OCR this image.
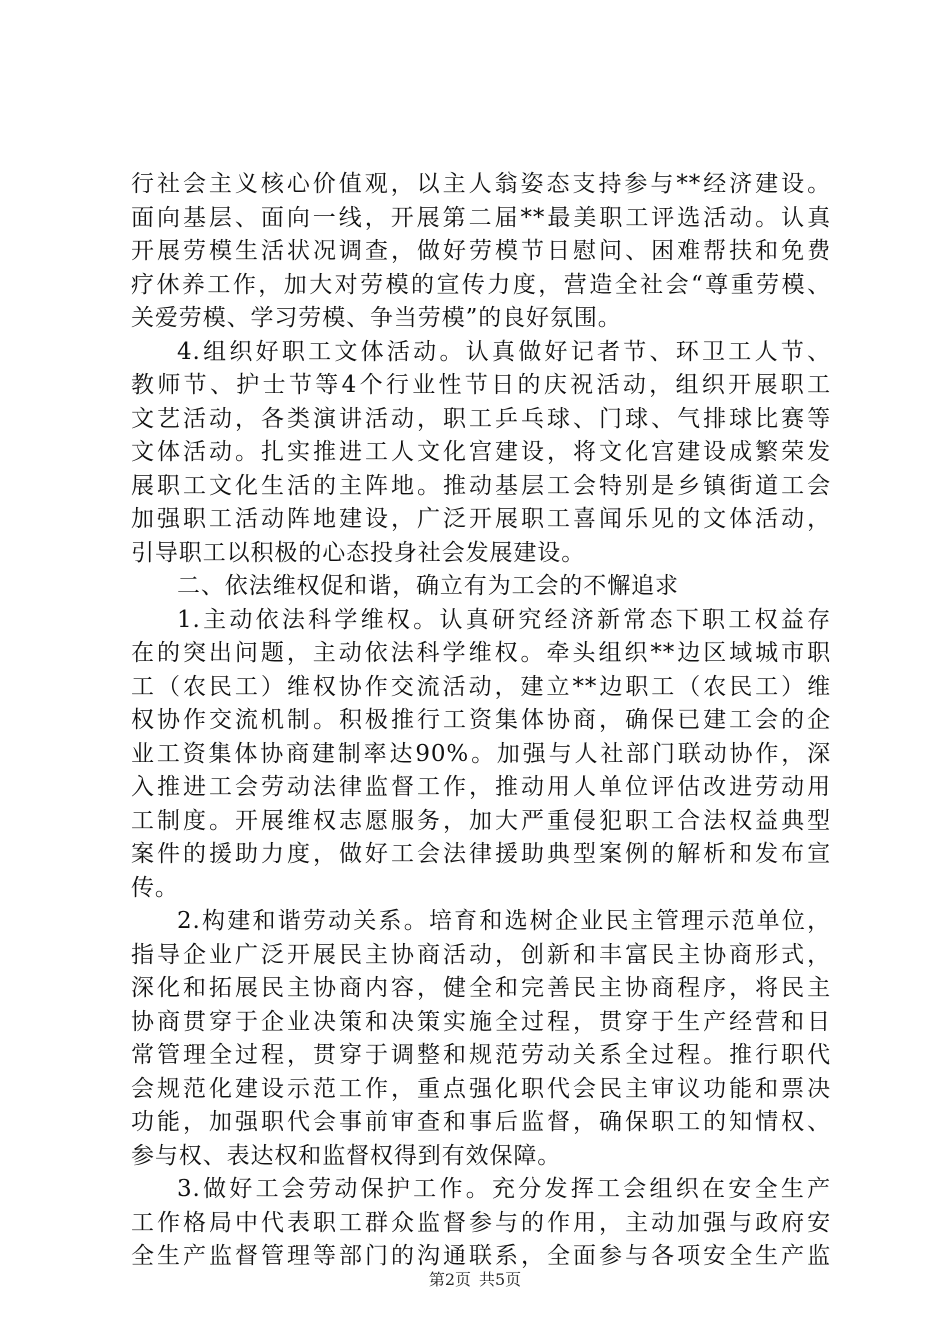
行社会主义核心价值观，以主人翁姿态支持参与**经济建设。
面向基层、面向一线，开展第二届**最美职工评选活动。认真
开展劳模生活状况调查，做好劳模节日慰问、困难帮扶和免费
疗休养工作，加大对劳模的宣传力度，营造全社会“尊重劳模、
关爱劳模、学习劳模、争当劳模”的良好氛围。
4.组织好职工文体活动。认真做好记者节、环卫工人节、
教师节、护士节等4个行业性节日的庆祝活动，组织开展职工
文艺活动，各类演讲活动，职工乒乓球、门球、气排球比赛等
文体活动。扎实推进工人文化宫建设，将文化宫建设成繁荣发
展职工文化生活的主阵地。推动基层工会特别是乡镇街道工会
加强职工活动阵地建设，广泛开展职工喜闻乐见的文体活动，
引导职工以积极的心态投身社会发展建设。
二、依法维权促和谐，确立有为工会的不懈追求
1.主动依法科学维权。认真研究经济新常态下职工权益存
在的突出问题，主动依法科学维权。牵头组织**边区域城市职
工（农民工）维权协作交流活动，建立**边职工（农民工）维
权协作交流机制。积极推行工资集体协商，确保已建工会的企
业工资集体协商建制率达90%。加强与人社部门联动协作，深
入推进工会劳动法律监督工作，推动用人单位评估改进劳动用
工制度。开展维权志愿服务，加大严重侵犯职工合法权益典型
案件的援助力度，做好工会法律援助典型案例的解析和发布宣
传。
2.构建和谐劳动关系。培育和选树企业民主管理示范单位，
指导企业广泛开展民主协商活动，创新和丰富民主协商形式，
深化和拓展民主协商内容，健全和完善民主协商程序，将民主
协商贯穿于企业决策和决策实施全过程，贯穿于生产经营和日
常管理全过程，贯穿于调整和规范劳动关系全过程。推行职代
会规范化建设示范工作，重点强化职代会民主审议功能和票决
功能，加强职代会事前审查和事后监督，确保职工的知情权、
参与权、表达权和监督权得到有效保障。
3.做好工会劳动保护工作。充分发挥工会组织在安全生产
工作格局中代表职工群众监督参与的作用，主动加强与政府安
全生产监督管理等部门的沟通联系，全面参与各项安全生产监
第2页 共5页
